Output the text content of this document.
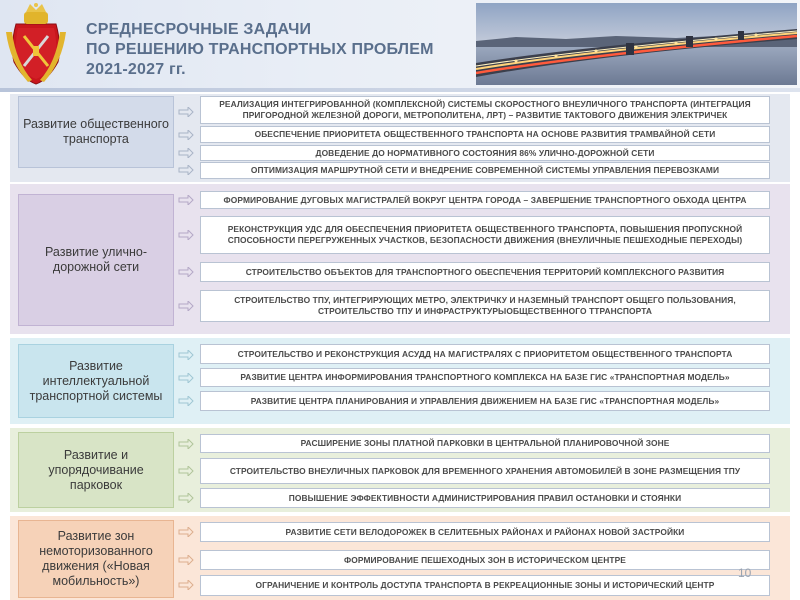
СРЕДНЕСРОЧНЫЕ ЗАДАЧИ
ПО РЕШЕНИЮ ТРАНСПОРТНЫХ ПРОБЛЕМ
2021-2027 гг.
Развитие общественного транспорта
РЕАЛИЗАЦИЯ ИНТЕГРИРОВАННОЙ (КОМПЛЕКСНОЙ) СИСТЕМЫ СКОРОСТНОГО ВНЕУЛИЧНОГО ТРАНСПОРТА (ИНТЕГРАЦИЯ ПРИГОРОДНОЙ ЖЕЛЕЗНОЙ ДОРОГИ, МЕТРОПОЛИТЕНА, ЛРТ) – РАЗВИТИЕ ТАКТОВОГО ДВИЖЕНИЯ ЭЛЕКТРИЧЕК
ОБЕСПЕЧЕНИЕ ПРИОРИТЕТА ОБЩЕСТВЕННОГО ТРАНСПОРТА НА ОСНОВЕ РАЗВИТИЯ ТРАМВАЙНОЙ СЕТИ
ДОВЕДЕНИЕ ДО НОРМАТИВНОГО СОСТОЯНИЯ 86% УЛИЧНО-ДОРОЖНОЙ СЕТИ
ОПТИМИЗАЦИЯ МАРШРУТНОЙ СЕТИ И ВНЕДРЕНИЕ СОВРЕМЕННОЙ СИСТЕМЫ УПРАВЛЕНИЯ ПЕРЕВОЗКАМИ
Развитие улично-дорожной сети
ФОРМИРОВАНИЕ ДУГОВЫХ МАГИСТРАЛЕЙ ВОКРУГ ЦЕНТРА ГОРОДА – ЗАВЕРШЕНИЕ ТРАНСПОРТНОГО ОБХОДА ЦЕНТРА
РЕКОНСТРУКЦИЯ УДС ДЛЯ ОБЕСПЕЧЕНИЯ ПРИОРИТЕТА ОБЩЕСТВЕННОГО ТРАНСПОРТА, ПОВЫШЕНИЯ ПРОПУСКНОЙ СПОСОБНОСТИ ПЕРЕГРУЖЕННЫХ УЧАСТКОВ, БЕЗОПАСНОСТИ ДВИЖЕНИЯ (ВНЕУЛИЧНЫЕ ПЕШЕХОДНЫЕ ПЕРЕХОДЫ)
СТРОИТЕЛЬСТВО ОБЪЕКТОВ ДЛЯ ТРАНСПОРТНОГО ОБЕСПЕЧЕНИЯ ТЕРРИТОРИЙ КОМПЛЕКСНОГО РАЗВИТИЯ
СТРОИТЕЛЬСТВО ТПУ, ИНТЕГРИРУЮЩИХ МЕТРО, ЭЛЕКТРИЧКУ И НАЗЕМНЫЙ ТРАНСПОРТ ОБЩЕГО ПОЛЬЗОВАНИЯ, СТРОИТЕЛЬСТВО ТПУ И ИНФРАСТРУКТУРЫОБЩЕСТВЕННОГО ТТРАНСПОРТА
Развитие интеллектуальной транспортной системы
СТРОИТЕЛЬСТВО И РЕКОНСТРУКЦИЯ АСУДД НА МАГИСТРАЛЯХ С ПРИОРИТЕТОМ ОБЩЕСТВЕННОГО ТРАНСПОРТА
РАЗВИТИЕ ЦЕНТРА ИНФОРМИРОВАНИЯ ТРАНСПОРТНОГО КОМПЛЕКСА НА БАЗЕ ГИС «ТРАНСПОРТНАЯ МОДЕЛЬ»
РАЗВИТИЕ ЦЕНТРА ПЛАНИРОВАНИЯ И УПРАВЛЕНИЯ ДВИЖЕНИЕМ НА БАЗЕ ГИС «ТРАНСПОРТНАЯ МОДЕЛЬ»
Развитие и упорядочивание парковок
РАСШИРЕНИЕ ЗОНЫ ПЛАТНОЙ ПАРКОВКИ В ЦЕНТРАЛЬНОЙ ПЛАНИРОВОЧНОЙ ЗОНЕ
СТРОИТЕЛЬСТВО ВНЕУЛИЧНЫХ ПАРКОВОК ДЛЯ ВРЕМЕННОГО ХРАНЕНИЯ АВТОМОБИЛЕЙ В ЗОНЕ РАЗМЕЩЕНИЯ ТПУ
ПОВЫШЕНИЕ ЭФФЕКТИВНОСТИ АДМИНИСТРИРОВАНИЯ ПРАВИЛ ОСТАНОВКИ И СТОЯНКИ
Развитие зон немоторизованного движения («Новая мобильность»)
РАЗВИТИЕ СЕТИ ВЕЛОДОРОЖЕК В СЕЛИТЕБНЫХ РАЙОНАХ И РАЙОНАХ НОВОЙ ЗАСТРОЙКИ
ФОРМИРОВАНИЕ ПЕШЕХОДНЫХ ЗОН В ИСТОРИЧЕСКОМ ЦЕНТРЕ
ОГРАНИЧЕНИЕ И КОНТРОЛЬ ДОСТУПА ТРАНСПОРТА В РЕКРЕАЦИОННЫЕ ЗОНЫ И ИСТОРИЧЕСКИЙ ЦЕНТР
10
